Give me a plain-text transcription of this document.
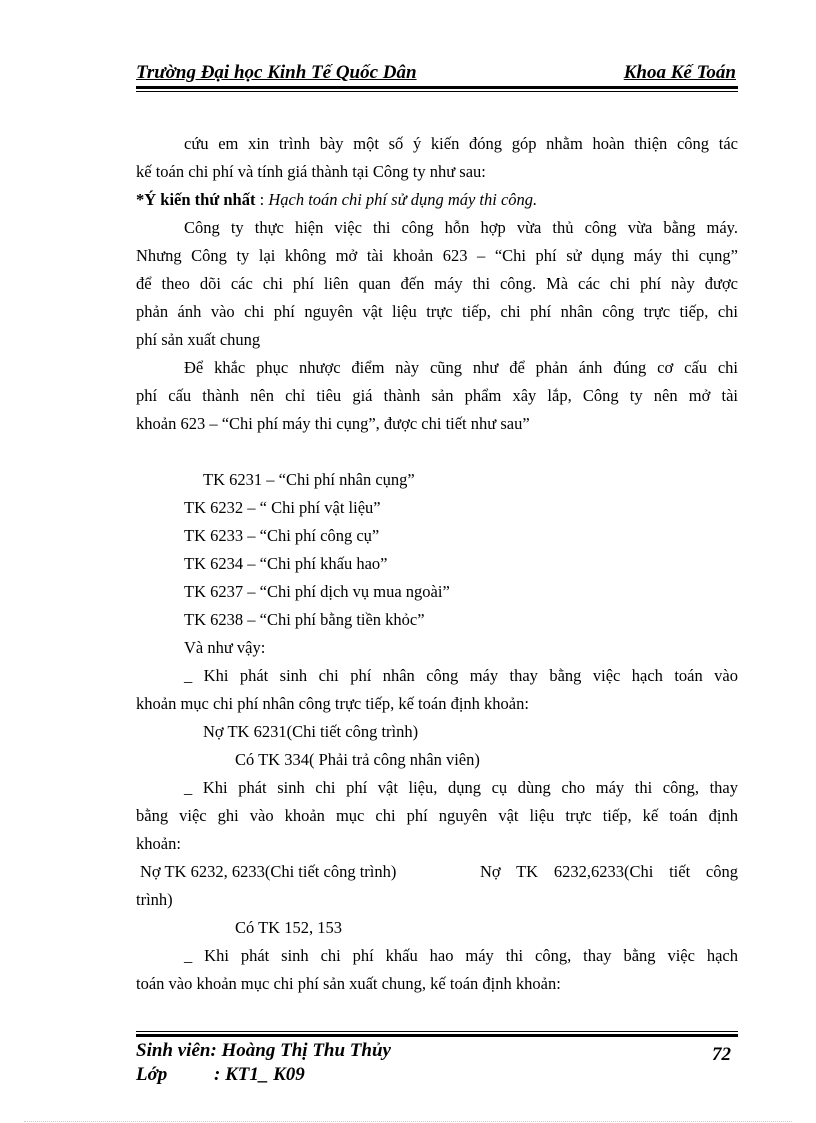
Trường Đại học Kinh Tế Quốc Dân	Khoa Kế Toán
cứu em xin trình bày một số ý kiến đóng góp nhằm hoàn thiện công tác
kế toán chi phí và tính giá thành tại Công ty như sau:
*Ý kiến thứ nhất : Hạch toán chi phí sử dụng máy thi công.
Công ty thực hiện việc thi công hỗn hợp vừa thủ công vừa bằng máy.
Nhưng Công ty lại không mở tài khoản 623 – “Chi phí sử dụng máy thi cụng”
để theo dõi các chi phí liên quan đến máy thi công. Mà các chi phí này được
phản ánh vào chi phí nguyên vật liệu trực tiếp, chi phí nhân công trực tiếp, chi
phí sản xuất chung
Để khắc phục nhược điểm này cũng như để phản ánh đúng cơ cấu chi
phí cấu thành nên chỉ tiêu giá thành sản phẩm xây lắp, Công ty nên mở tài
khoản 623 – “Chi phí máy thi cụng”, được chi tiết như sau”
TK 6231 – “Chi phí nhân cụng”
TK 6232 – “ Chi phí vật liệu”
TK 6233 – “Chi phí công cụ”
TK 6234 – “Chi phí khấu hao”
TK 6237 – “Chi phí dịch vụ mua ngoài”
TK 6238 – “Chi phí bằng tiền khỏc”
Và như vậy:
_ Khi phát sinh chi phí nhân công máy thay bằng việc hạch toán vào
khoản mục chi phí nhân công trực tiếp, kế toán định khoản:
Nợ TK 6231(Chi tiết công trình)
Có TK 334( Phải trả công nhân viên)
_ Khi phát sinh chi phí vật liệu, dụng cụ dùng cho máy thi công, thay
bằng việc ghi vào khoản mục chi phí nguyên vật liệu trực tiếp, kế toán định
khoản:
Nợ TK 6232, 6233(Chi tiết công trình)	Nợ TK 6232,6233(Chi tiết công
trình)
Có TK 152, 153
_ Khi phát sinh chi phí khấu hao máy thi công, thay bằng việc hạch
toán vào khoản mục chi phí sản xuất chung, kế toán định khoản:
Sinh viên: Hoàng Thị Thu Thủy
Lớp : KT1_ K09
72
